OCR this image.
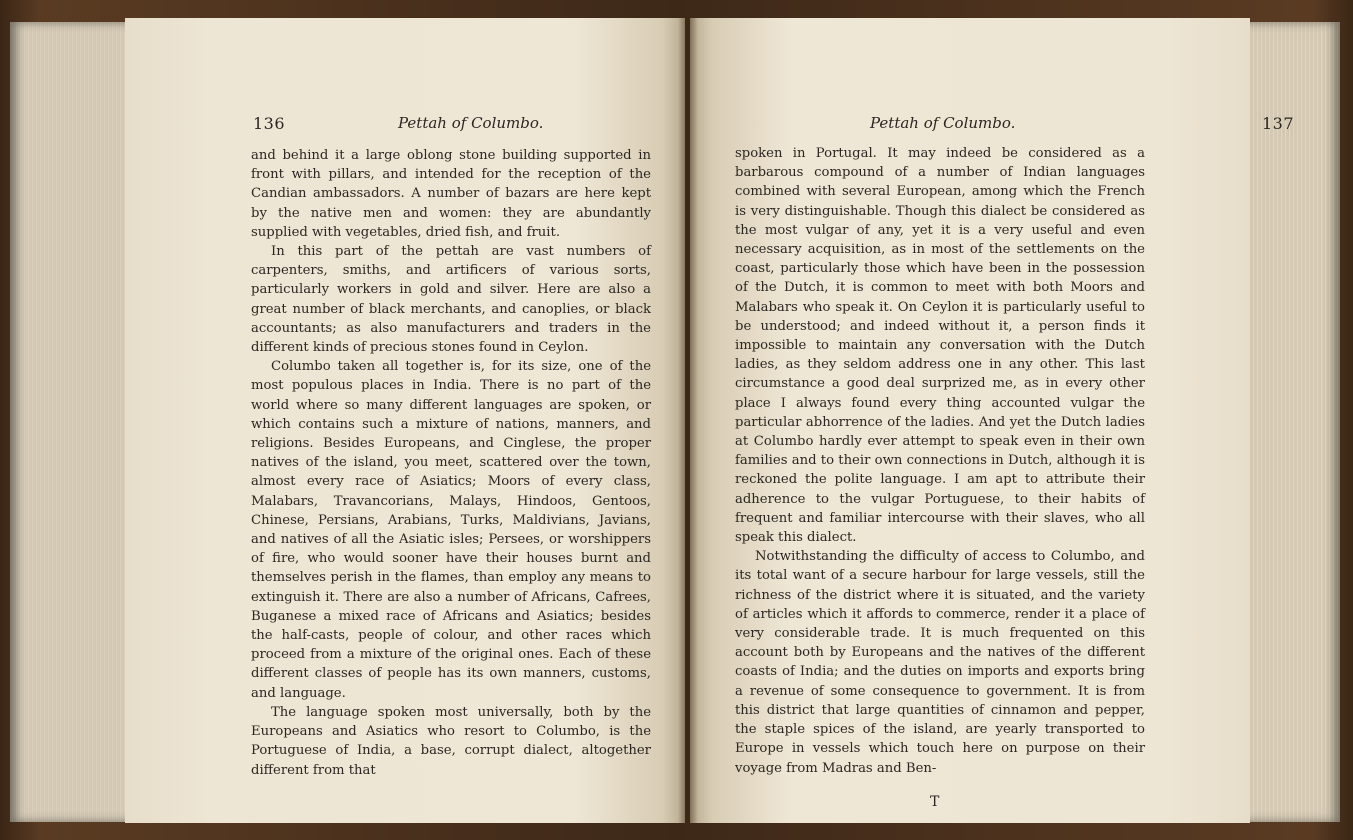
136	Pettah of Columbo.

and behind it a large oblong stone building supported in front with pillars, and intended for the reception of the Candian ambassadors. A number of bazars are here kept by the native men and women: they are abundantly supplied with vegetables, dried fish, and fruit.

In this part of the pettah are vast numbers of carpenters, smiths, and artificers of various sorts, particularly workers in gold and silver. Here are also a great number of black merchants, and canoplies, or black accountants; as also manufacturers and traders in the different kinds of precious stones found in Ceylon.

Columbo taken all together is, for its size, one of the most populous places in India. There is no part of the world where so many different languages are spoken, or which contains such a mixture of nations, manners, and religions. Besides Europeans, and Cinglese, the proper natives of the island, you meet, scattered over the town, almost every race of Asiatics; Moors of every class, Malabars, Travancorians, Malays, Hindoos, Gentoos, Chinese, Persians, Arabians, Turks, Maldivians, Javians, and natives of all the Asiatic isles; Persees, or worshippers of fire, who would sooner have their houses burnt and themselves perish in the flames, than employ any means to extinguish it. There are also a number of Africans, Cafrees, Buganese a mixed race of Africans and Asiatics; besides the half-casts, people of colour, and other races which proceed from a mixture of the original ones. Each of these different classes of people has its own manners, customs, and language.

The language spoken most universally, both by the Europeans and Asiatics who resort to Columbo, is the Portuguese of India, a base, corrupt dialect, altogether different from that

Pettah of Columbo.	137

spoken in Portugal. It may indeed be considered as a barbarous compound of a number of Indian languages combined with several European, among which the French is very distinguishable. Though this dialect be considered as the most vulgar of any, yet it is a very useful and even necessary acquisition, as in most of the settlements on the coast, particularly those which have been in the possession of the Dutch, it is common to meet with both Moors and Malabars who speak it. On Ceylon it is particularly useful to be understood; and indeed without it, a person finds it impossible to maintain any conversation with the Dutch ladies, as they seldom address one in any other. This last circumstance a good deal surprized me, as in every other place I always found every thing accounted vulgar the particular abhorrence of the ladies. And yet the Dutch ladies at Columbo hardly ever attempt to speak even in their own families and to their own connections in Dutch, although it is reckoned the polite language. I am apt to attribute their adherence to the vulgar Portuguese, to their habits of frequent and familiar intercourse with their slaves, who all speak this dialect.

Notwithstanding the difficulty of access to Columbo, and its total want of a secure harbour for large vessels, still the richness of the district where it is situated, and the variety of articles which it affords to commerce, render it a place of very considerable trade. It is much frequented on this account both by Europeans and the natives of the different coasts of India; and the duties on imports and exports bring a revenue of some consequence to government. It is from this district that large quantities of cinnamon and pepper, the staple spices of the island, are yearly transported to Europe in vessels which touch here on purpose on their voyage from Madras and Ben-

T
